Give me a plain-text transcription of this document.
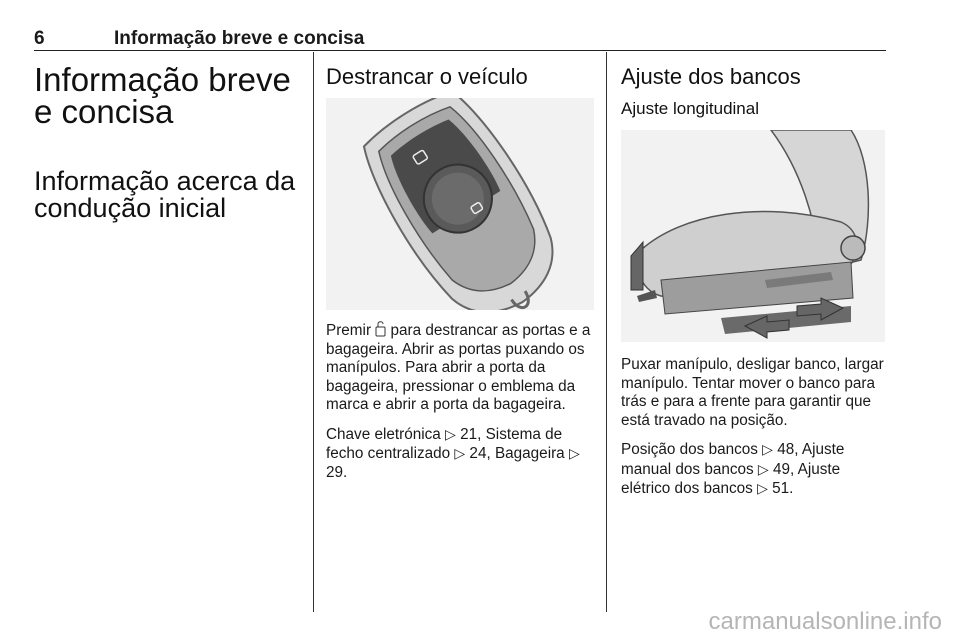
6	Informação breve e concisa
Informação breve e concisa
Informação acerca da condução inicial
Destrancar o veículo

Premir  para destrancar as portas e a bagageira. Abrir as portas puxando os manípulos. Para abrir a porta da bagageira, pressionar o emblema da marca e abrir a porta da bagageira.

Chave eletrónica ▷ 21, Sistema de fecho centralizado ▷ 24, Bagageira ▷ 29.

Ajuste dos bancos
Ajuste longitudinal

Puxar manípulo, desligar banco, largar manípulo. Tentar mover o banco para trás e para a frente para garantir que está travado na posição.

Posição dos bancos ▷ 48, Ajuste manual dos bancos ▷ 49, Ajuste elétrico dos bancos ▷ 51.

carmanualsonline.info
